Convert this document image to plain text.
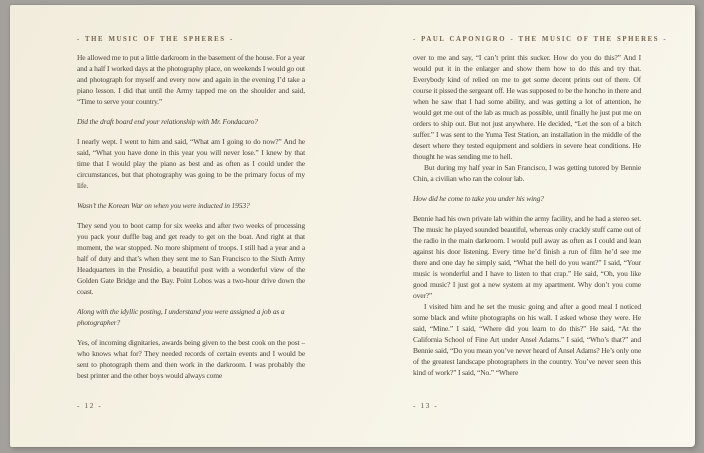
- THE MUSIC OF THE SPHERES -

He allowed me to put a little darkroom in the basement of the house. For a year and a half I worked days at the photography place, on weekends I would go out and photograph for myself and every now and again in the evening I’d take a piano lesson. I did that until the Army tapped me on the shoulder and said, “Time to serve your country.”

Did the draft board end your relationship with Mr. Fondacaro?

I nearly wept. I went to him and said, “What am I going to do now?” And he said, “What you have done in this year you will never lose.” I knew by that time that I would play the piano as best and as often as I could under the circumstances, but that photography was going to be the primary focus of my life.

Wasn’t the Korean War on when you were inducted in 1953?

They send you to boot camp for six weeks and after two weeks of processing you pack your duffle bag and get ready to get on the boat. And right at that moment, the war stopped. No more shipment of troops. I still had a year and a half of duty and that’s when they sent me to San Francisco to the Sixth Army Headquarters in the Presidio, a beautiful post with a wonderful view of the Golden Gate Bridge and the Bay. Point Lobos was a two-hour drive down the coast.

Along with the idyllic posting, I understand you were assigned a job as a photographer?

Yes, of incoming dignitaries, awards being given to the best cook on the post – who knows what for? They needed records of certain events and I would be sent to photograph them and then work in the darkroom. I was probably the best printer and the other boys would always come

- 12 -
- PAUL CAPONIGRO - THE MUSIC OF THE SPHERES -

over to me and say, “I can’t print this sucker. How do you do this?” And I would put it in the enlarger and show them how to do this and try that. Everybody kind of relied on me to get some decent prints out of there. Of course it pissed the sergeant off. He was supposed to be the honcho in there and when he saw that I had some ability, and was getting a lot of attention, he would get me out of the lab as much as possible, until finally he just put me on orders to ship out. But not just anywhere. He decided, “Let the son of a bitch suffer.” I was sent to the Yuma Test Station, an installation in the middle of the desert where they tested equipment and soldiers in severe heat conditions. He thought he was sending me to hell.

But during my half year in San Francisco, I was getting tutored by Bennie Chin, a civilian who ran the colour lab.

How did he come to take you under his wing?

Bennie had his own private lab within the army facility, and he had a stereo set. The music he played sounded beautiful, whereas only crackly stuff came out of the radio in the main darkroom. I would pull away as often as I could and lean against his door listening. Every time he’d finish a run of film he’d see me there and one day he simply said, “What the hell do you want?” I said, “Your music is wonderful and I have to listen to that crap.” He said, “Oh, you like good music? I just got a new system at my apartment. Why don’t you come over?”

I visited him and he set the music going and after a good meal I noticed some black and white photographs on his wall. I asked whose they were. He said, “Mine.” I said, “Where did you learn to do this?” He said, “At the California School of Fine Art under Ansel Adams.” I said, “Who’s that?” and Bennie said, “Do you mean you’ve never heard of Ansel Adams? He’s only one of the greatest landscape photographers in the country. You’ve never seen this kind of work?” I said, “No.” “Where

- 13 -
